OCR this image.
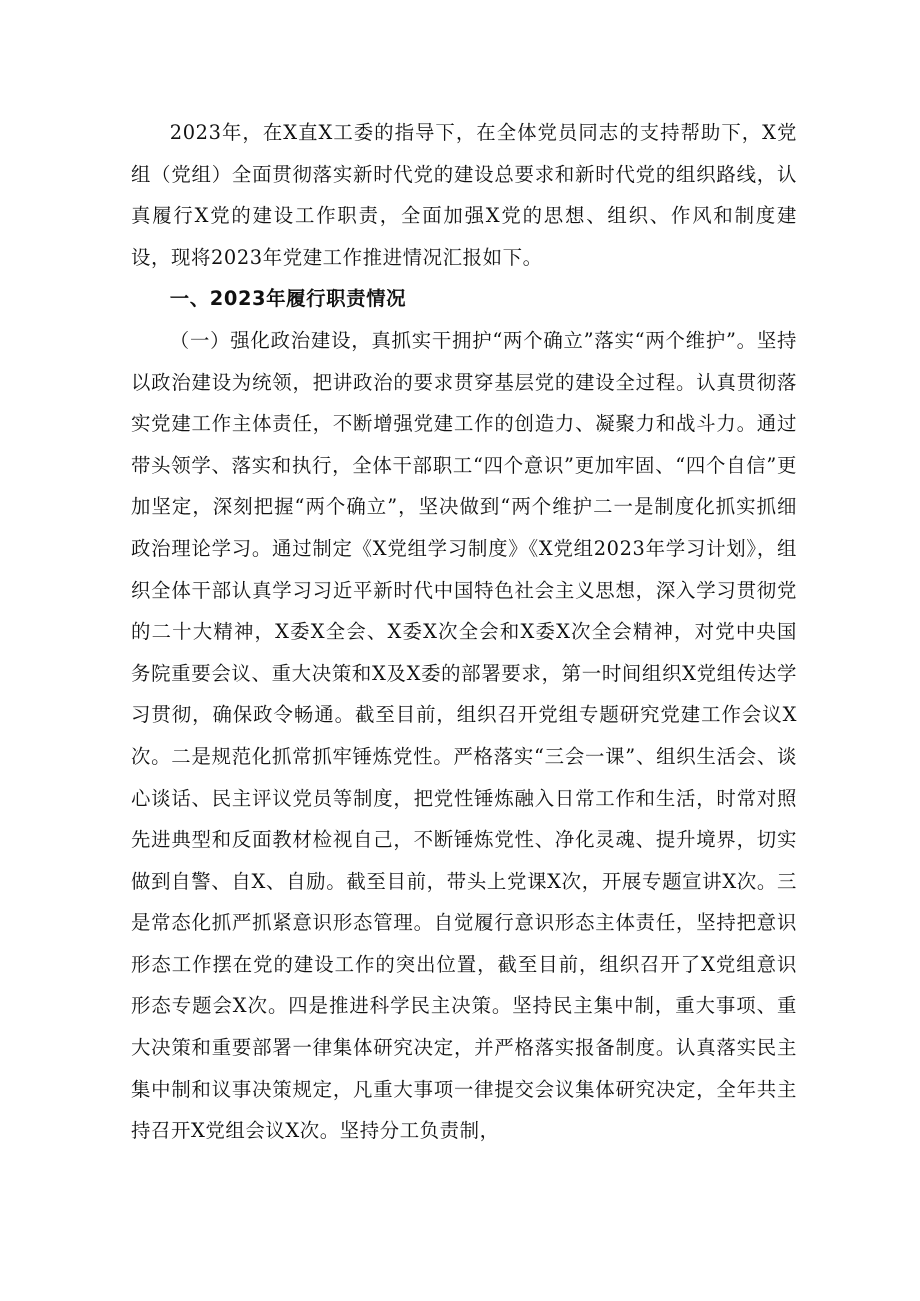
2023年，在X直X工委的指导下，在全体党员同志的支持帮助下，X党组（党组）全面贯彻落实新时代党的建设总要求和新时代党的组织路线，认真履行X党的建设工作职责，全面加强X党的思想、组织、作风和制度建设，现将2023年党建工作推进情况汇报如下。

一、2023年履行职责情况

（一）强化政治建设，真抓实干拥护“两个确立”落实“两个维护”。坚持以政治建设为统领，把讲政治的要求贯穿基层党的建设全过程。认真贯彻落实党建工作主体责任，不断增强党建工作的创造力、凝聚力和战斗力。通过带头领学、落实和执行，全体干部职工“四个意识”更加牢固、“四个自信”更加坚定，深刻把握“两个确立”，坚决做到“两个维护二一是制度化抓实抓细政治理论学习。通过制定《X党组学习制度》《X党组2023年学习计划》，组织全体干部认真学习习近平新时代中国特色社会主义思想，深入学习贯彻党的二十大精神，X委X全会、X委X次全会和X委X次全会精神，对党中央国务院重要会议、重大决策和X及X委的部署要求，第一时间组织X党组传达学习贯彻，确保政令畅通。截至目前，组织召开党组专题研究党建工作会议X次。二是规范化抓常抓牢锤炼党性。严格落实“三会一课”、组织生活会、谈心谈话、民主评议党员等制度，把党性锤炼融入日常工作和生活，时常对照先进典型和反面教材检视自己，不断锤炼党性、净化灵魂、提升境界，切实做到自警、自X、自励。截至目前，带头上党课X次，开展专题宣讲X次。三是常态化抓严抓紧意识形态管理。自觉履行意识形态主体责任，坚持把意识形态工作摆在党的建设工作的突出位置，截至目前，组织召开了X党组意识形态专题会X次。四是推进科学民主决策。坚持民主集中制，重大事项、重大决策和重要部署一律集体研究决定，并严格落实报备制度。认真落实民主集中制和议事决策规定，凡重大事项一律提交会议集体研究决定，全年共主持召开X党组会议X次。坚持分工负责制，
